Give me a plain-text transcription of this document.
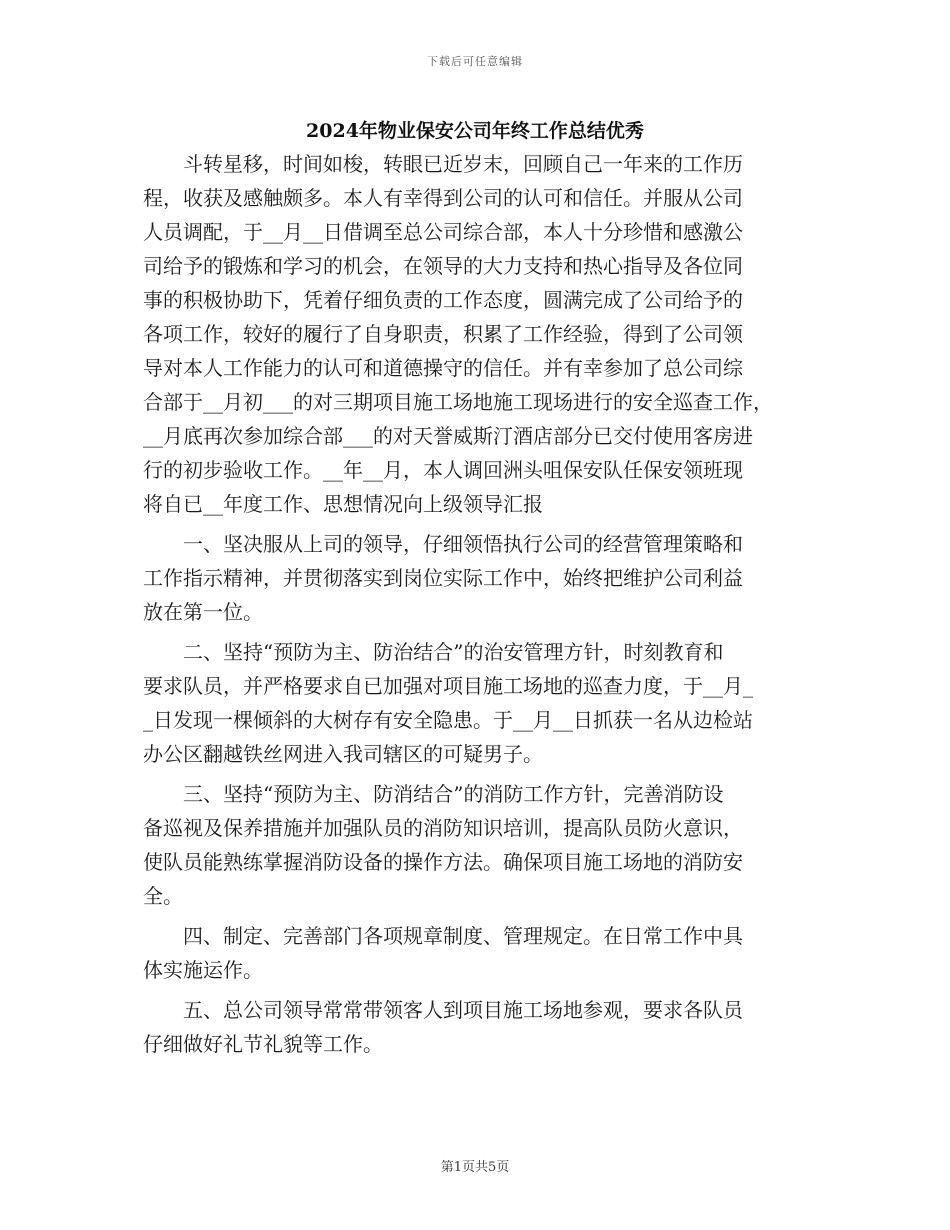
下载后可任意编辑
2024年物业保安公司年终工作总结优秀

斗转星移，时间如梭，转眼已近岁末，回顾自己一年来的工作历

程，收获及感触颇多。本人有幸得到公司的认可和信任。并服从公司

人员调配，于__月__日借调至总公司综合部，本人十分珍惜和感激公

司给予的锻炼和学习的机会，在领导的大力支持和热心指导及各位同

事的积极协助下，凭着仔细负责的工作态度，圆满完成了公司给予的

各项工作，较好的履行了自身职责，积累了工作经验，得到了公司领

导对本人工作能力的认可和道德操守的信任。并有幸参加了总公司综

合部于__月初___的对三期项目施工场地施工现场进行的安全巡查工作，

__月底再次参加综合部___的对天誉威斯汀酒店部分已交付使用客房进

行的初步验收工作。__年__月，本人调回洲头咀保安队任保安领班现

将自已__年度工作、思想情况向上级领导汇报

一、坚决服从上司的领导，仔细领悟执行公司的经营管理策略和

工作指示精神，并贯彻落实到岗位实际工作中，始终把维护公司利益

放在第一位。

二、坚持“预防为主、防治结合”的治安管理方针，时刻教育和

要求队员，并严格要求自已加强对项目施工场地的巡查力度，于__月_

_日发现一棵倾斜的大树存有安全隐患。于__月__日抓获一名从边检站

办公区翻越铁丝网进入我司辖区的可疑男子。

三、坚持“预防为主、防消结合”的消防工作方针，完善消防设

备巡视及保养措施并加强队员的消防知识培训，提高队员防火意识，

使队员能熟练掌握消防设备的操作方法。确保项目施工场地的消防安

全。

四、制定、完善部门各项规章制度、管理规定。在日常工作中具

体实施运作。

五、总公司领导常常带领客人到项目施工场地参观，要求各队员

仔细做好礼节礼貌等工作。

第1页共5页
